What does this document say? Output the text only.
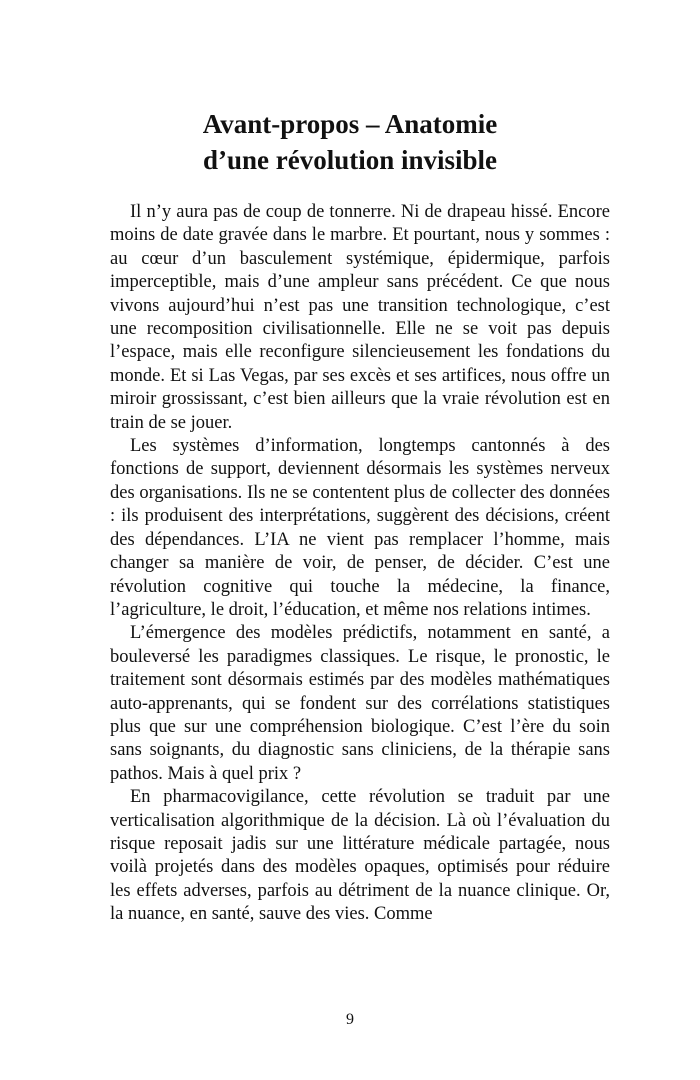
Avant-propos – Anatomie
d’une révolution invisible

Il n’y aura pas de coup de tonnerre. Ni de drapeau hissé. Encore moins de date gravée dans le marbre. Et pourtant, nous y sommes : au cœur d’un basculement systémique, épidermique, parfois imperceptible, mais d’une ampleur sans précédent. Ce que nous vivons aujourd’hui n’est pas une transition technologique, c’est une recomposition civilisationnelle. Elle ne se voit pas depuis l’espace, mais elle reconfigure silencieusement les fondations du monde. Et si Las Vegas, par ses excès et ses artifices, nous offre un miroir grossissant, c’est bien ailleurs que la vraie révolution est en train de se jouer.

Les systèmes d’information, longtemps cantonnés à des fonctions de support, deviennent désormais les systèmes nerveux des organisations. Ils ne se contentent plus de collecter des données : ils produisent des interprétations, suggèrent des décisions, créent des dépendances. L’IA ne vient pas remplacer l’homme, mais changer sa manière de voir, de penser, de décider. C’est une révolution cognitive qui touche la médecine, la finance, l’agriculture, le droit, l’éducation, et même nos relations intimes.

L’émergence des modèles prédictifs, notamment en santé, a bouleversé les paradigmes classiques. Le risque, le pronostic, le traitement sont désormais estimés par des modèles mathématiques auto-apprenants, qui se fondent sur des corrélations statistiques plus que sur une compréhension biologique. C’est l’ère du soin sans soignants, du diagnostic sans cliniciens, de la thérapie sans pathos. Mais à quel prix ?

En pharmacovigilance, cette révolution se traduit par une verticalisation algorithmique de la décision. Là où l’évaluation du risque reposait jadis sur une littérature médicale partagée, nous voilà projetés dans des modèles opaques, optimisés pour réduire les effets adverses, parfois au détriment de la nuance clinique. Or, la nuance, en santé, sauve des vies. Comme

9
